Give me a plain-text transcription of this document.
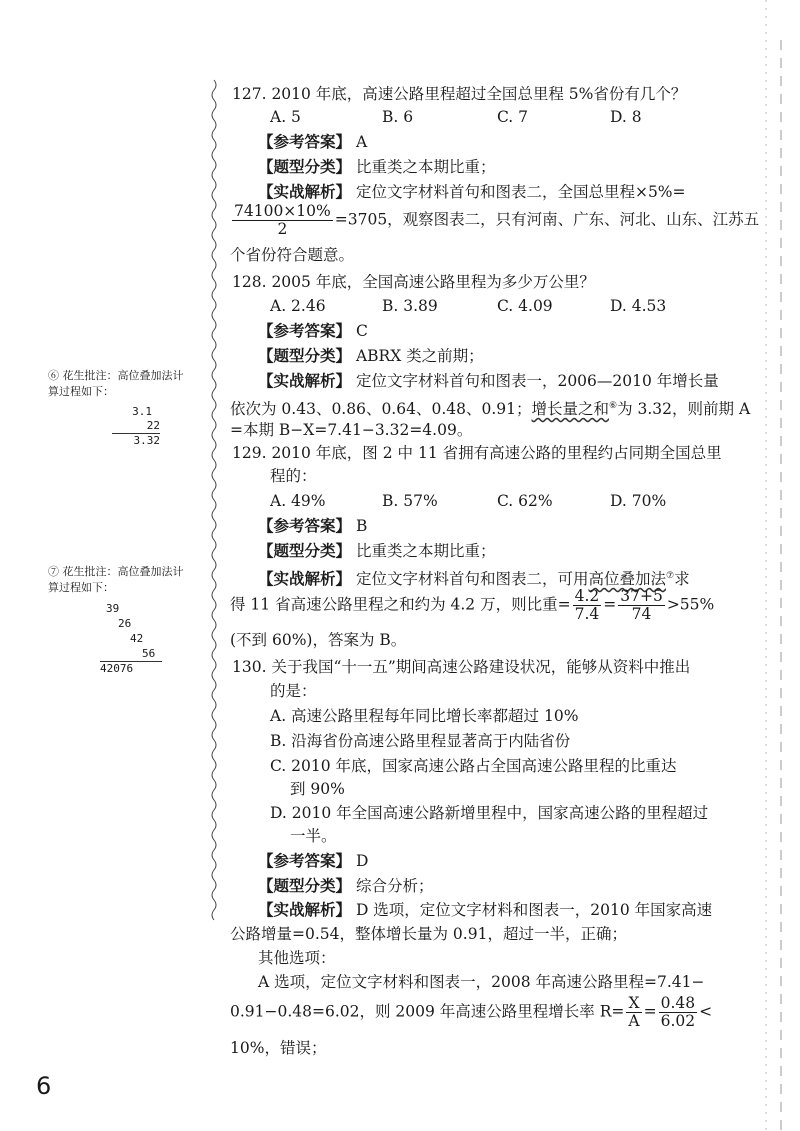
127. 2010 年底，高速公路里程超过全国总里程 5%省份有几个？
A. 5	B. 6	C. 7	D. 8
【参考答案】 A
【题型分类】 比重类之本期比重；
【实战解析】 定位文字材料首句和图表二，全国总里程×5%=
$\frac{74100\times 10\%}{2} =3705$，观察图表二，只有河南、广东、河北、山东、江苏五
个省份符合题意。
128. 2005 年底，全国高速公路里程为多少万公里？
A. 2.46	B. 3.89	C. 4.09	D. 4.53
【参考答案】 C
【题型分类】 ABRX 类之前期；
【实战解析】 定位文字材料首句和图表一，2006—2010 年增长量
依次为 0.43、0.86、0.64、0.48、0.91；增长量之和⑥为 3.32，则前期 A
=本期 B−X=7.41−3.32=4.09。
129. 2010 年底，图 2 中 11 省拥有高速公路的里程约占同期全国总里
程的：
A. 49%	B. 57%	C. 62%	D. 70%
【参考答案】 B
【题型分类】 比重类之本期比重；
【实战解析】 定位文字材料首句和图表二，可用高位叠加法⑦求
得 11 省高速公路里程之和约为 4.2 万，则比重= $\frac{4.2}{7.4} = \frac{37+5}{74} >55\%$
(不到 60%)，答案为 B。
130. 关于我国“十一五”期间高速公路建设状况，能够从资料中推出
的是：
A. 高速公路里程每年同比增长率都超过 10%
B. 沿海省份高速公路里程显著高于内陆省份
C. 2010 年底，国家高速公路占全国高速公路里程的比重达
到 90%
D. 2010 年全国高速公路新增里程中，国家高速公路的里程超过
一半。
【参考答案】 D
【题型分类】 综合分析；
【实战解析】 D 选项，定位文字材料和图表一，2010 年国家高速
公路增量=0.54，整体增长量为 0.91，超过一半，正确；
其他选项：
A 选项，定位文字材料和图表一，2008 年高速公路里程=7.41−
0.91−0.48=6.02，则 2009 年高速公路里程增长率 $R= \frac{X}{A} = \frac{0.48}{6.02}$ <
10%，错误；
⑥ 花生批注：高位叠加法计
算过程如下：
3.1
22
3.32
⑦ 花生批注：高位叠加法计
算过程如下：
39
26
42
56
42076
6
